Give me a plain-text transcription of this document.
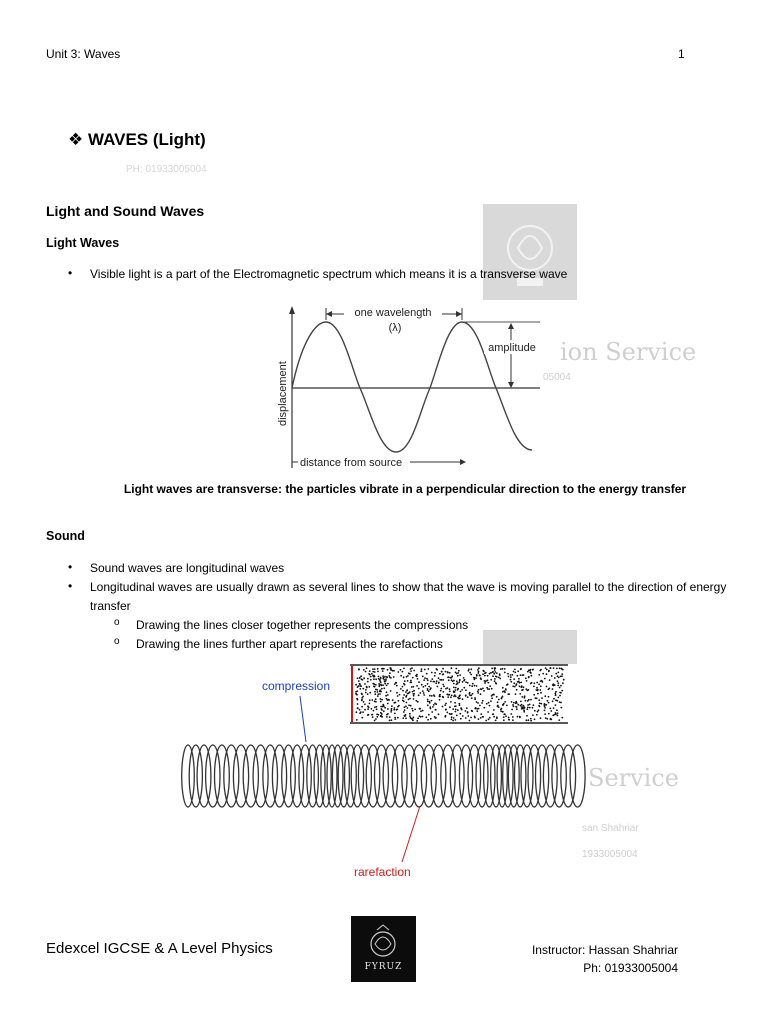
Unit 3: Waves	1
❖ WAVES (Light)
PH: 01933005004
Light and Sound Waves
Light Waves
• Visible light is a part of the Electromagnetic spectrum which means it is a transverse wave
one wavelength
(λ)
amplitude
displacement
distance from source
ion Service
05004
Light waves are transverse: the particles vibrate in a perpendicular direction to the energy transfer
Sound
• Sound waves are longitudinal waves
• Longitudinal waves are usually drawn as several lines to show that the wave is moving parallel to the direction of energy transfer
o Drawing the lines closer together represents the compressions
o Drawing the lines further apart represents the rarefactions
compression
rarefaction
Service
san Shahriar
1933005004
Edexcel IGCSE & A Level Physics
FYRUZ
Instructor: Hassan Shahriar
Ph: 01933005004
